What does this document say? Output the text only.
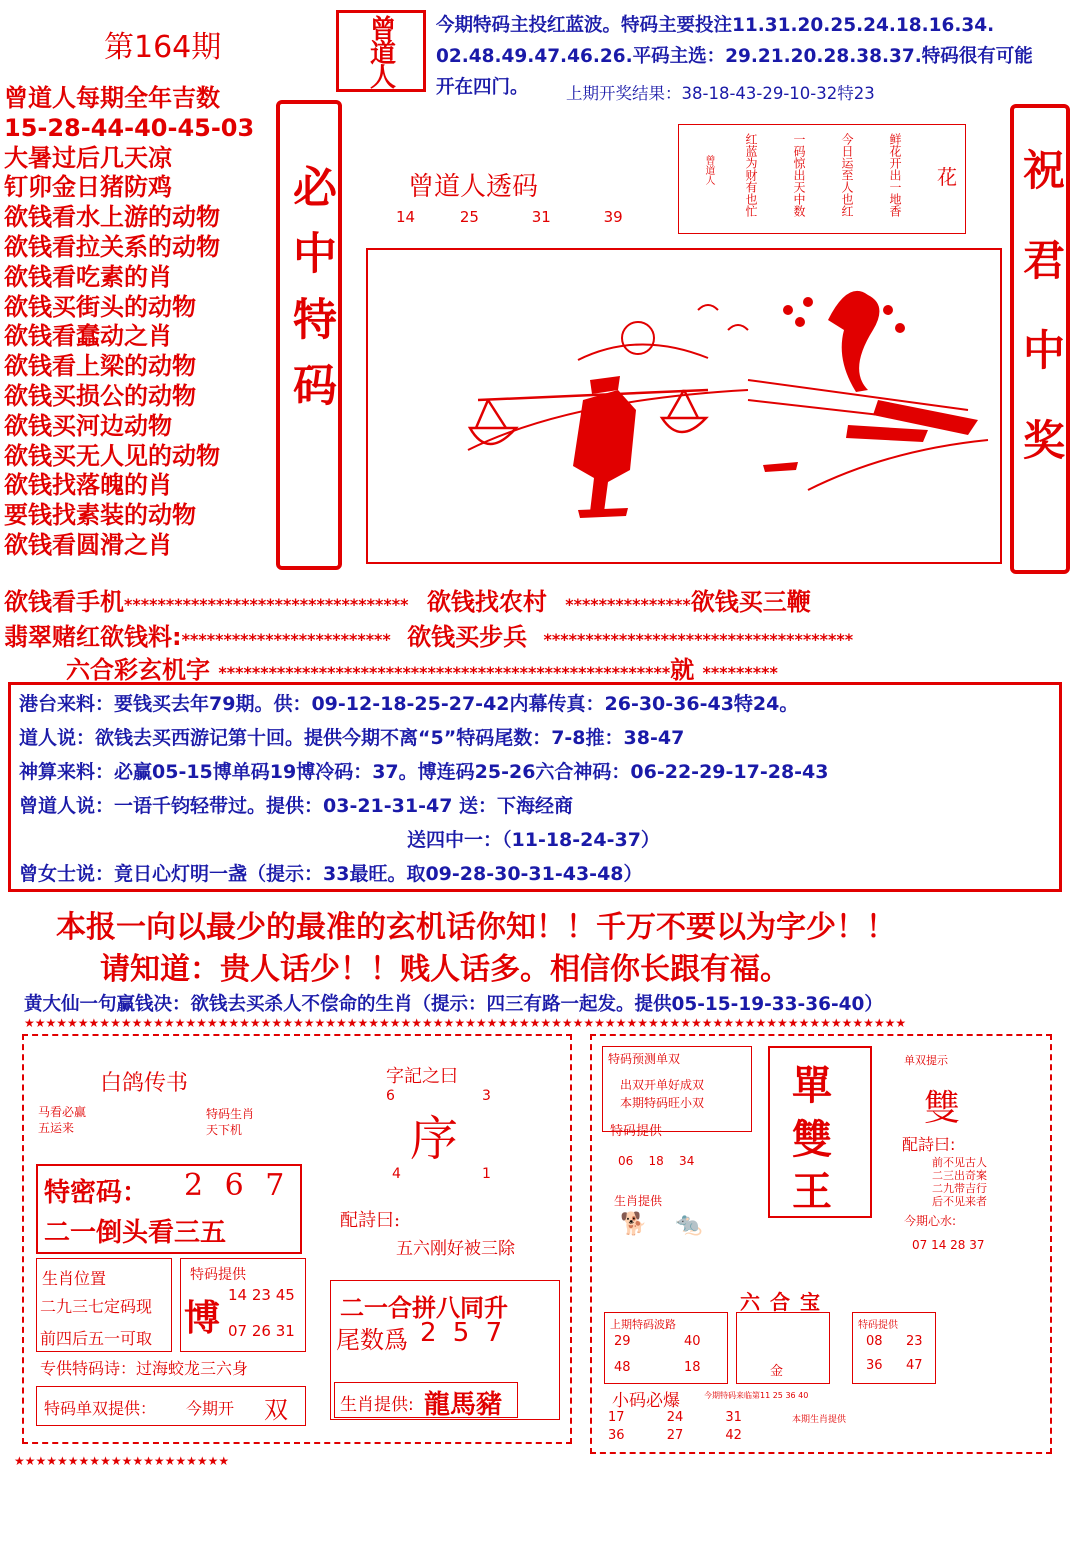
第164期	曾道人 今期特码主投红蓝波。特码主要投注11.31.20.25.24.18.16.34.
02.48.49.47.46.26.平码主选：29.21.20.28.38.37.特码很有可能
开在四门。	上期开奖结果：38-18-43-29-10-32特23
曾道人每期全年吉数
15-28-44-40-45-03
大暑过后几天凉
钉卯金日猪防鸡
欲钱看水上游的动物
欲钱看拉关系的动物
欲钱看吃素的肖
欲钱买街头的动物
欲钱看蠢动之肖
欲钱看上梁的动物
欲钱买损公的动物
欲钱买河边动物
欲钱买无人见的动物
欲钱找落魄的肖
要钱找素装的动物
欲钱看圆滑之肖
必中特码	祝君中奖
曾道人透码
14	25	31	39
花
鲜花开出一地香
今日运至人也红
一码惊出天中数
红蓝为财有也忙
曾道人
欲钱看手机********************************** 欲钱找农村 ***************欲钱买三鞭
翡翠赌红欲钱料:************************* 欲钱买步兵 *************************************
六合彩玄机字 ******************************************************就 *********
港台来料：要钱买去年79期。供：09-12-18-25-27-42内幕传真：26-30-36-43特24。
道人说：欲钱去买西游记第十回。提供今期不离“5”特码尾数：7-8推：38-47
神算来料：必赢05-15博单码19博冷码：37。博连码25-26六合神码：06-22-29-17-28-43
曾道人说：一语千钧轻带过。提供：03-21-31-47 送：下海经商
送四中一：（11-18-24-37）
曾女士说：竟日心灯明一盏（提示：33最旺。取09-28-30-31-43-48）
本报一向以最少的最准的玄机话你知！！千万不要以为字少！！
请知道：贵人话少！！贱人话多。相信你长跟有福。
黄大仙一句赢钱决：欲钱去买杀人不偿命的生肖（提示：四三有路一起发。提供05-15-19-33-36-40）
★★★★★★★★★★★★★★★★★★★★★★★★★★★★★★★★★★★★★★★★★★★★★★★★★★★★★★★★★★★★★★★★★★★★★★★★★★★★★★★★★★
白鸽传书
马看必赢
五运来
特码生肖
天下机
特密码： 2 6 7
二一倒头看三五
生肖位置
二九三七定码现
前四后五一可取
特码提供
博
14 23 45
07 26 31
专供特码诗：过海蛟龙三六身
特码单双提供： 今期开 双
字記之曰
6	3
序
4	1
配詩曰:
五六刚好被三除
二一合拼八同升
尾数爲 2 5 7
生肖提供: 龍馬豬
特码预测单双
出双开单好成双
本期特码旺小双
特码提供
06    18    34
生肖提供
🐕    🐀
單
雙
王
单双提示
雙
配詩曰:
前不见古人
二三出奇案
二九带吉行
后不见来者
今期心水:
07 14 28 37
六合宝
上期特码波路
29	40
48	18	金
小码必爆	今期特码来临第11 25 36 40
17	24	31
36	27	42
本期生肖提供
特码提供
08 23
36 47
★★★★★★★★★★★★★★★★★★★★
